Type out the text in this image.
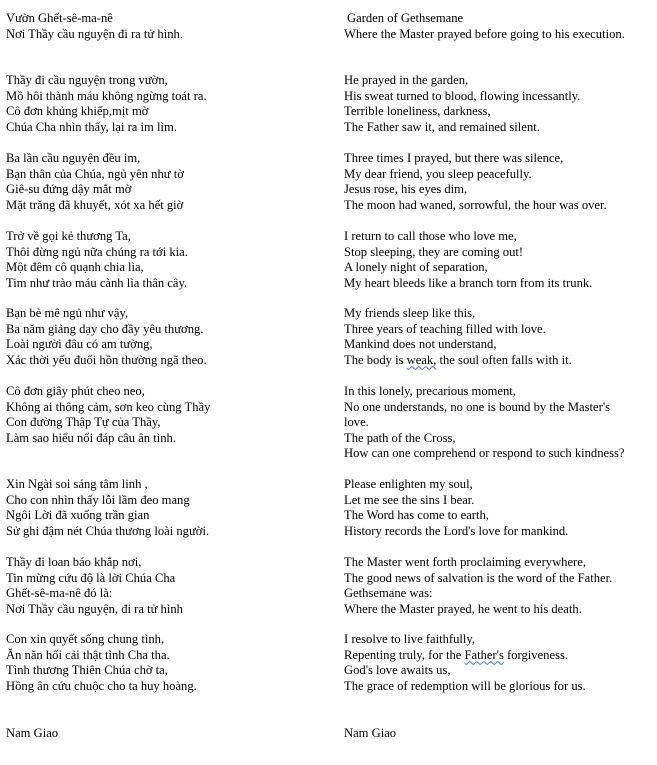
Vườn Ghết-sê-ma-nê
Nơi Thầy cầu nguyện đi ra tử hình.
Thầy đi cầu nguyện trong vườn,
Mồ hôi thành máu không ngừng toát ra.
Cô đơn khủng khiếp,mịt mờ
Chúa Cha nhìn thấy, lại ra im lìm.
Ba lần cầu nguyện đều im,
Bạn thân của Chúa, ngủ yên như tờ
Giê-su đứng dậy mắt mờ
Mặt trăng đã khuyết, xót xa hết giờ
Trở về gọi kẻ thương Ta,
Thôi đừng ngủ nữa chúng ra tới kia.
Một đêm cô quạnh chia lìa,
Tim như trào máu cành lìa thân cây.
Bạn bè mê ngủ như vậy,
Ba năm giảng dạy cho đầy yêu thương.
Loài người đâu có am tường,
Xác thời yếu đuối hồn thường ngã theo.
Cô đơn giây phút cheo neo,
Không ai thông cảm, sơn keo cùng Thầy
Con đường Thập Tự của Thầy,
Làm sao hiểu nổi đáp câu ân tình.
Xin Ngài soi sáng tâm linh ,
Cho con nhìn thấy lỗi lầm đeo mang
Ngôi Lời đã xuống trần gian
Sử ghi đậm nét Chúa thương loài người.
Thầy đi loan báo khắp nơi,
Tin mừng cứu độ là lời Chúa Cha
Ghết-sê-ma-nê đó là:
Nơi Thầy cầu nguyện, đi ra tử hình
Con xin quyết sống chung tình,
Ăn năn hối cải thật tình Cha tha.
Tình thương Thiên Chúa chờ ta,
Hồng ân cứu chuộc cho ta huy hoàng.
Nam Giao
Garden of Gethsemane
Where the Master prayed before going to his execution.
He prayed in the garden,
His sweat turned to blood, flowing incessantly.
Terrible loneliness, darkness,
The Father saw it, and remained silent.
Three times I prayed, but there was silence,
My dear friend, you sleep peacefully.
Jesus rose, his eyes dim,
The moon had waned, sorrowful, the hour was over.
I return to call those who love me,
Stop sleeping, they are coming out!
A lonely night of separation,
My heart bleeds like a branch torn from its trunk.
My friends sleep like this,
Three years of teaching filled with love.
Mankind does not understand,
The body is weak, the soul often falls with it.
In this lonely, precarious moment,
No one understands, no one is bound by the Master's
love.
The path of the Cross,
How can one comprehend or respond to such kindness?
Please enlighten my soul,
Let me see the sins I bear.
The Word has come to earth,
History records the Lord's love for mankind.
The Master went forth proclaiming everywhere,
The good news of salvation is the word of the Father.
Gethsemane was:
Where the Master prayed, he went to his death.
I resolve to live faithfully,
Repenting truly, for the Father's forgiveness.
God's love awaits us,
The grace of redemption will be glorious for us.
Nam Giao
